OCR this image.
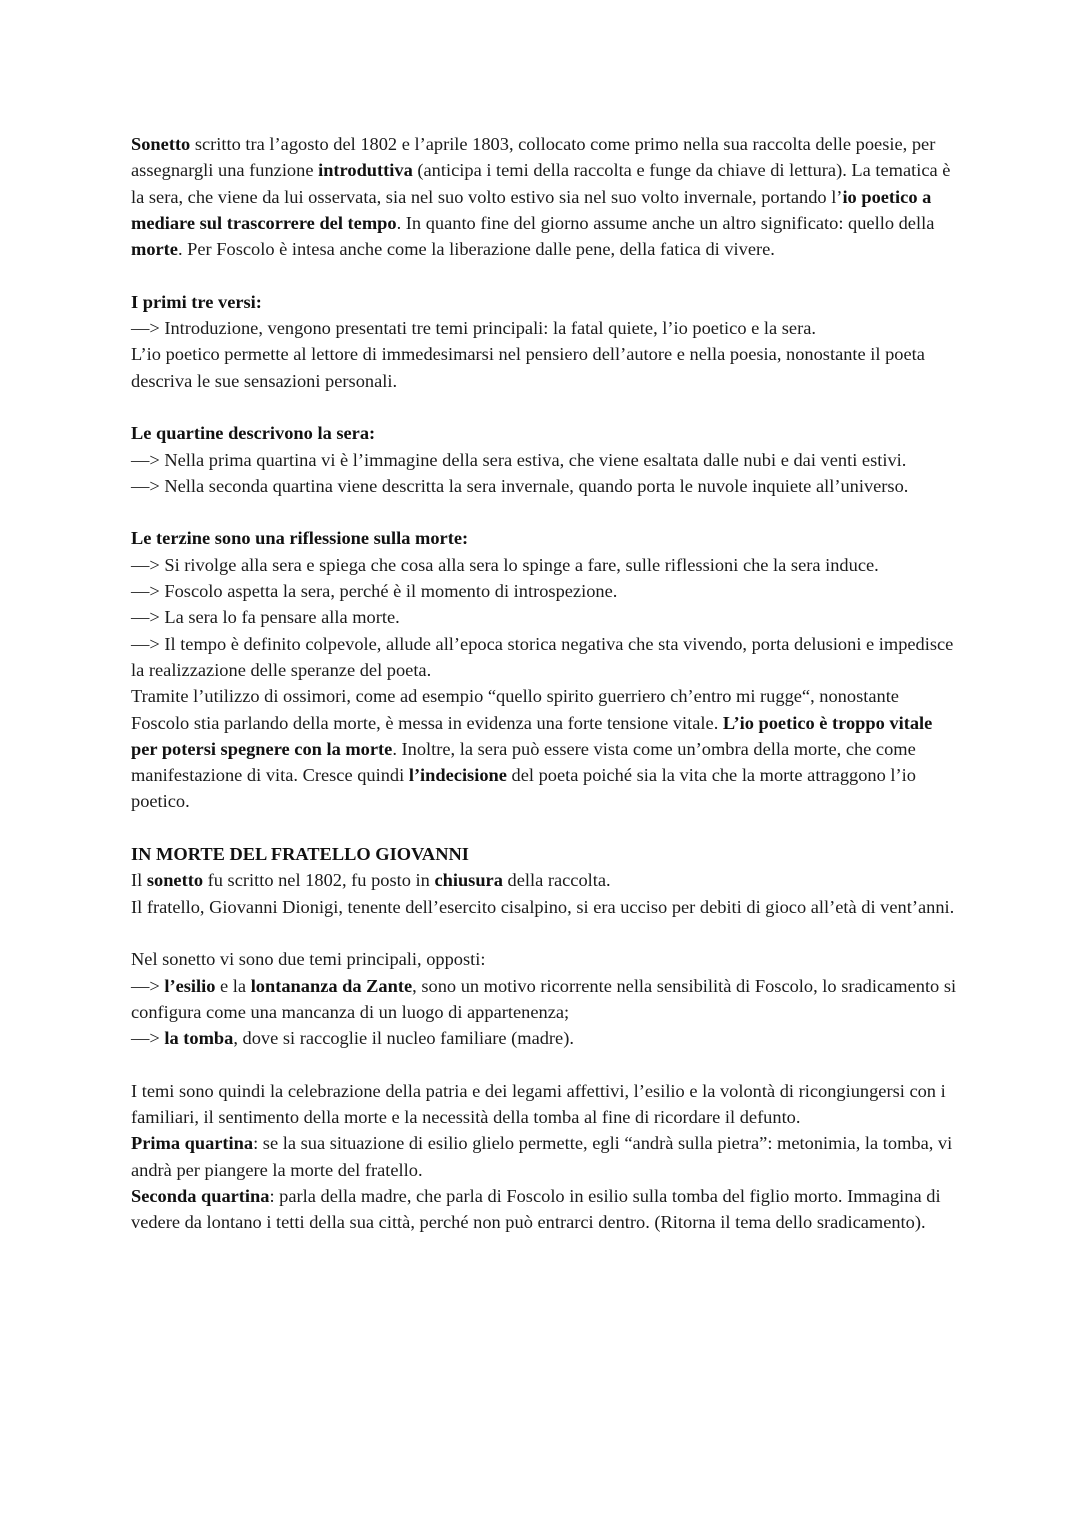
Sonetto scritto tra l’agosto del 1802 e l’aprile 1803, collocato come primo nella sua raccolta delle poesie, per assegnargli una funzione introduttiva (anticipa i temi della raccolta e funge da chiave di lettura). La tematica è la sera, che viene da lui osservata, sia nel suo volto estivo sia nel suo volto invernale, portando l’io poetico a mediare sul trascorrere del tempo. In quanto fine del giorno assume anche un altro significato: quello della morte. Per Foscolo è intesa anche come la liberazione dalle pene, della fatica di vivere.

I primi tre versi:

—> Introduzione, vengono presentati tre temi principali: la fatal quiete, l’io poetico e la sera.

L’io poetico permette al lettore di immedesimarsi nel pensiero dell’autore e nella poesia, nonostante il poeta descriva le sue sensazioni personali.

Le quartine descrivono la sera:

—> Nella prima quartina vi è l’immagine della sera estiva, che viene esaltata dalle nubi e dai venti estivi.

—> Nella seconda quartina viene descritta la sera invernale, quando porta le nuvole inquiete all’universo.

Le terzine sono una riflessione sulla morte:

—> Si rivolge alla sera e spiega che cosa alla sera lo spinge a fare, sulle riflessioni che la sera induce.

—> Foscolo aspetta la sera, perché è il momento di introspezione.

—> La sera lo fa pensare alla morte.

—> Il tempo è definito colpevole, allude all’epoca storica negativa che sta vivendo, porta delusioni e impedisce la realizzazione delle speranze del poeta.

Tramite l’utilizzo di ossimori, come ad esempio “quello spirito guerriero ch’entro mi rugge“, nonostante Foscolo stia parlando della morte, è messa in evidenza una forte tensione vitale. L’io poetico è troppo vitale per potersi spegnere con la morte. Inoltre, la sera può essere vista come un’ombra della morte, che come manifestazione di vita. Cresce quindi l’indecisione del poeta poiché sia la vita che la morte attraggono l’io poetico.

IN MORTE DEL FRATELLO GIOVANNI

Il sonetto fu scritto nel 1802, fu posto in chiusura della raccolta.

Il fratello, Giovanni Dionigi, tenente dell’esercito cisalpino, si era ucciso per debiti di gioco all’età di vent’anni.

Nel sonetto vi sono due temi principali, opposti:

—> l’esilio e la lontananza da Zante, sono un motivo ricorrente nella sensibilità di Foscolo, lo sradicamento si configura come una mancanza di un luogo di appartenenza;

—> la tomba, dove si raccoglie il nucleo familiare (madre).

I temi sono quindi la celebrazione della patria e dei legami affettivi, l’esilio e la volontà di ricongiungersi con i familiari, il sentimento della morte e la necessità della tomba al fine di ricordare il defunto.

Prima quartina: se la sua situazione di esilio glielo permette, egli “andrà sulla pietra”: metonimia, la tomba, vi andrà per piangere la morte del fratello.

Seconda quartina: parla della madre, che parla di Foscolo in esilio sulla tomba del figlio morto. Immagina di vedere da lontano i tetti della sua città, perché non può entrarci dentro. (Ritorna il tema dello sradicamento).
